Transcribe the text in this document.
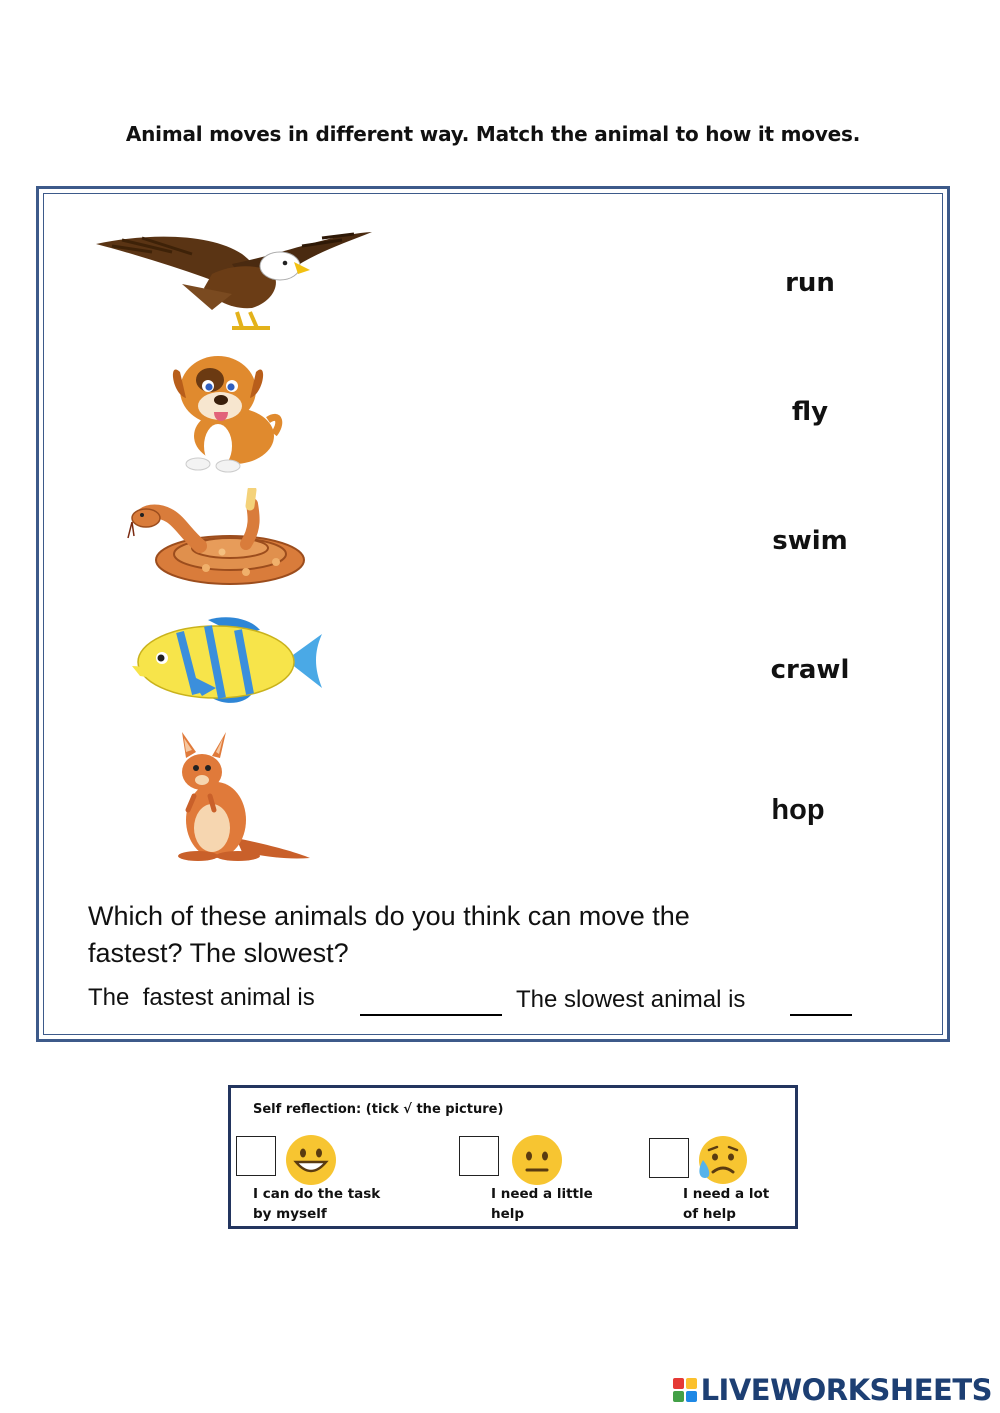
Animal moves in different way. Match the animal to how it moves.
run
fly
swim
crawl
hop
Which of these animals do you think can move the
fastest? The slowest?
The  fastest animal is	The slowest animal is
Self reflection: (tick √ the picture)
I can do the task
by myself
I need a little
help
I need a lot
of help
LIVEWORKSHEETS
